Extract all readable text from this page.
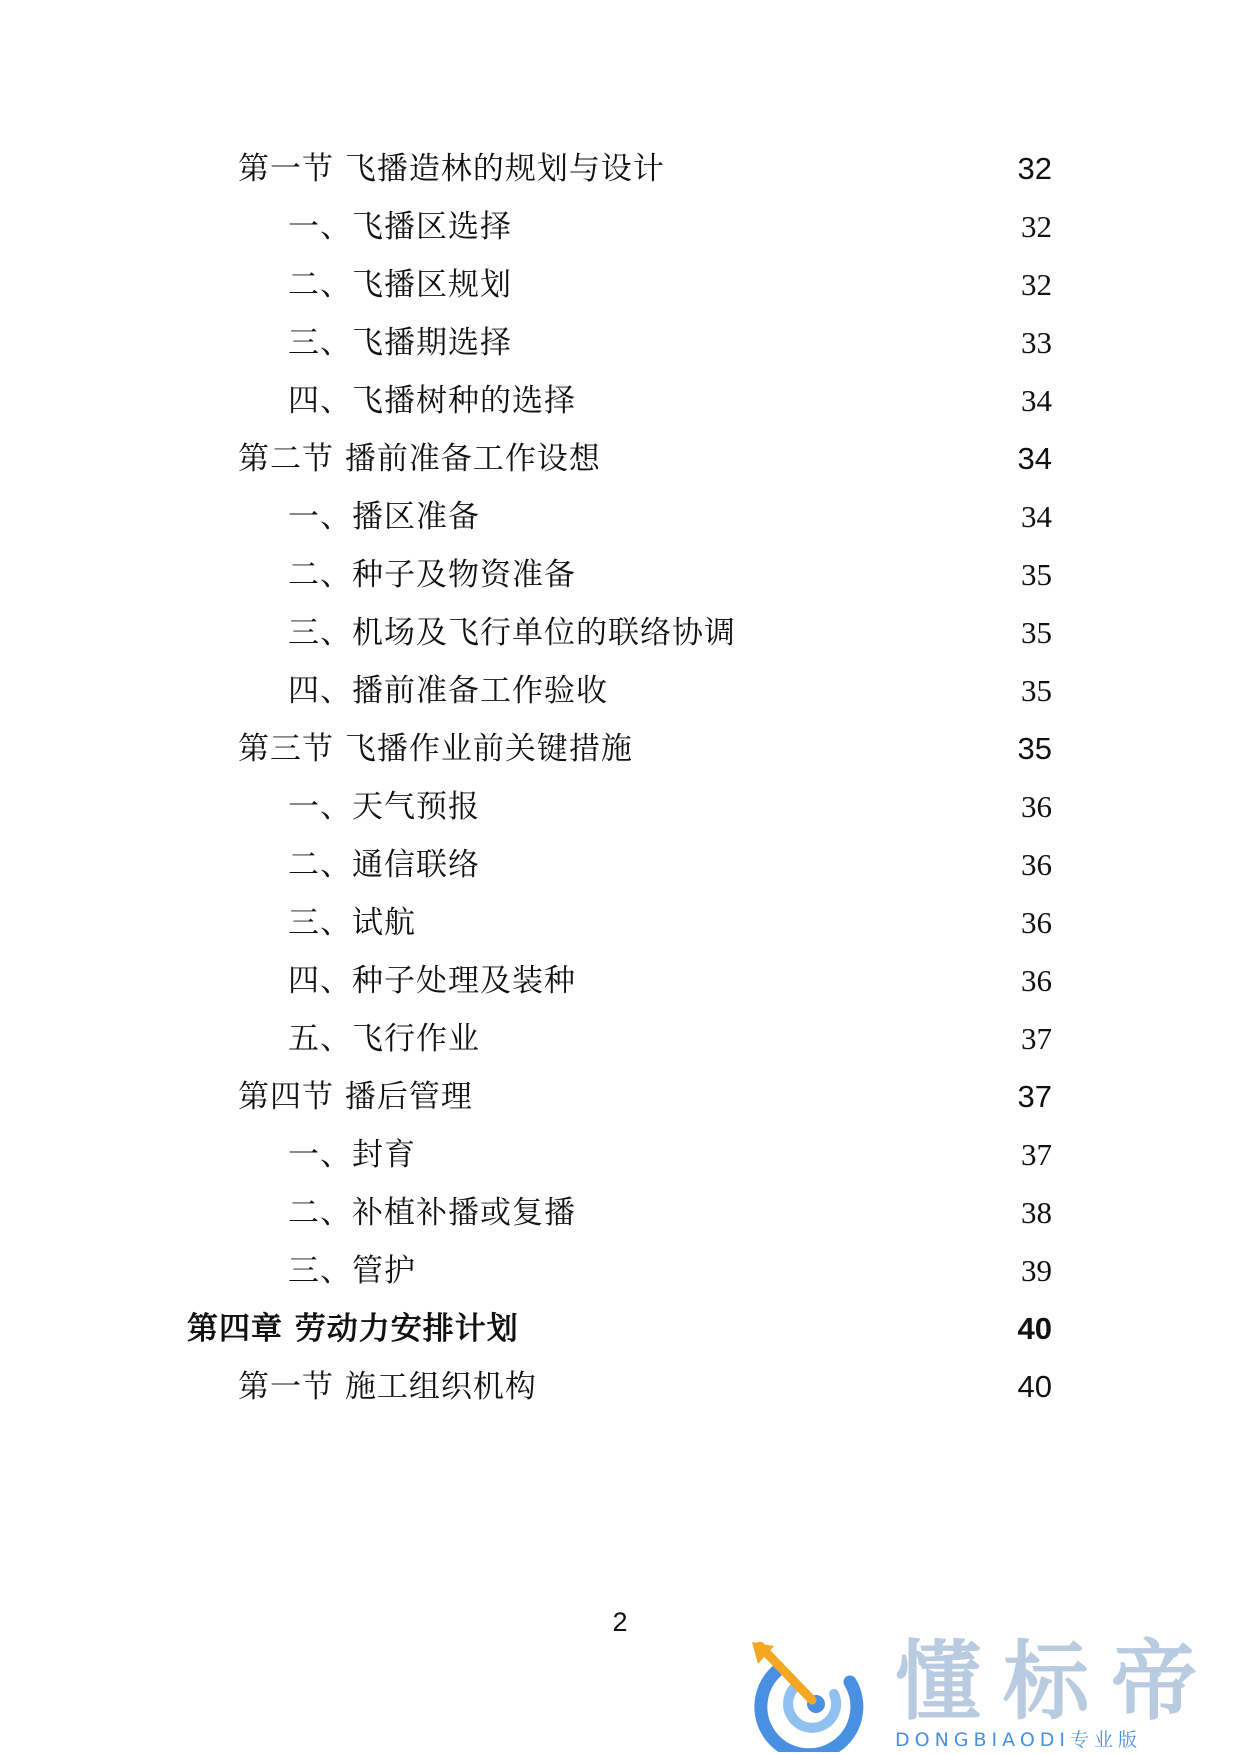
第一节 飞播造林的规划与设计	32
一、飞播区选择	32
二、飞播区规划	32
三、飞播期选择	33
四、飞播树种的选择	34
第二节 播前准备工作设想	34
一、播区准备	34
二、种子及物资准备	35
三、机场及飞行单位的联络协调	35
四、播前准备工作验收	35
第三节 飞播作业前关键措施	35
一、天气预报	36
二、通信联络	36
三、试航	36
四、种子处理及装种	36
五、飞行作业	37
第四节 播后管理	37
一、封育	37
二、补植补播或复播	38
三、管护	39
第四章 劳动力安排计划	40
第一节 施工组织机构	40
2
懂标帝
DONGBIAODI专业版
